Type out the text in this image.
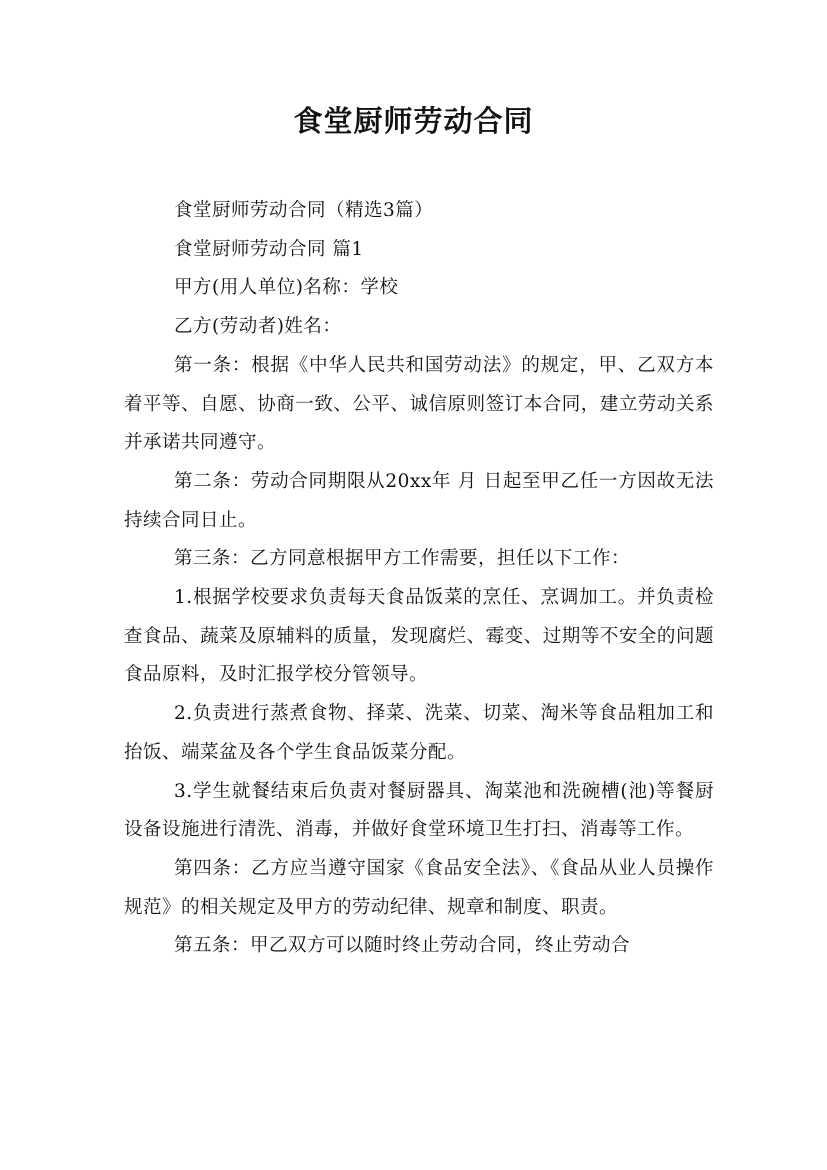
食堂厨师劳动合同

食堂厨师劳动合同（精选3篇）

食堂厨师劳动合同 篇1

甲方(用人单位)名称：学校

乙方(劳动者)姓名：

第一条：根据《中华人民共和国劳动法》的规定，甲、乙双方本着平等、自愿、协商一致、公平、诚信原则签订本合同，建立劳动关系并承诺共同遵守。

第二条：劳动合同期限从20xx年 月 日起至甲乙任一方因故无法持续合同日止。

第三条：乙方同意根据甲方工作需要，担任以下工作：

1.根据学校要求负责每天食品饭菜的烹任、烹调加工。并负责检查食品、蔬菜及原辅料的质量，发现腐烂、霉变、过期等不安全的问题食品原料，及时汇报学校分管领导。

2.负责进行蒸煮食物、择菜、洗菜、切菜、淘米等食品粗加工和抬饭、端菜盆及各个学生食品饭菜分配。

3.学生就餐结束后负责对餐厨器具、淘菜池和洗碗槽(池)等餐厨设备设施进行清洗、消毒，并做好食堂环境卫生打扫、消毒等工作。

第四条：乙方应当遵守国家《食品安全法》、《食品从业人员操作规范》的相关规定及甲方的劳动纪律、规章和制度、职责。

第五条：甲乙双方可以随时终止劳动合同，终止劳动合
